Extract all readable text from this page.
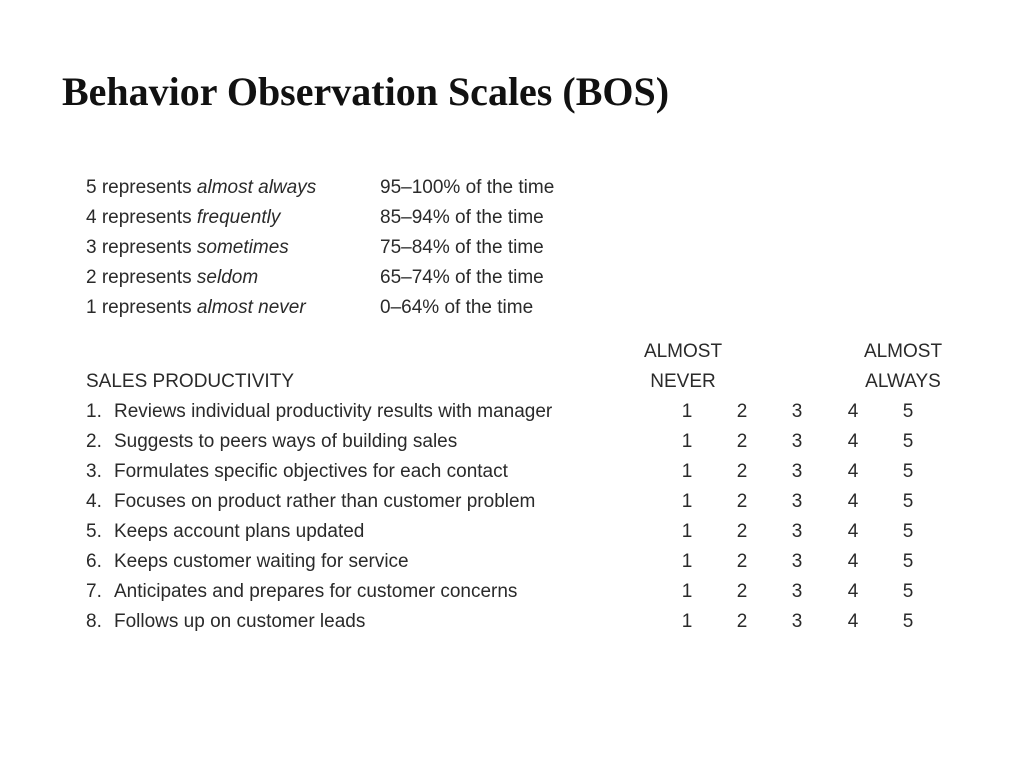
Behavior Observation Scales (BOS)
5 represents almost always	95–100% of the time
4 represents frequently	85–94% of the time
3 represents sometimes	75–84% of the time
2 represents seldom	65–74% of the time
1 represents almost never	0–64% of the time
ALMOST	ALMOST
SALES PRODUCTIVITY	NEVER	ALWAYS
1. Reviews individual productivity results with manager	1 2 3 4 5
2. Suggests to peers ways of building sales	1 2 3 4 5
3. Formulates specific objectives for each contact	1 2 3 4 5
4. Focuses on product rather than customer problem	1 2 3 4 5
5. Keeps account plans updated	1 2 3 4 5
6. Keeps customer waiting for service	1 2 3 4 5
7. Anticipates and prepares for customer concerns	1 2 3 4 5
8. Follows up on customer leads	1 2 3 4 5
